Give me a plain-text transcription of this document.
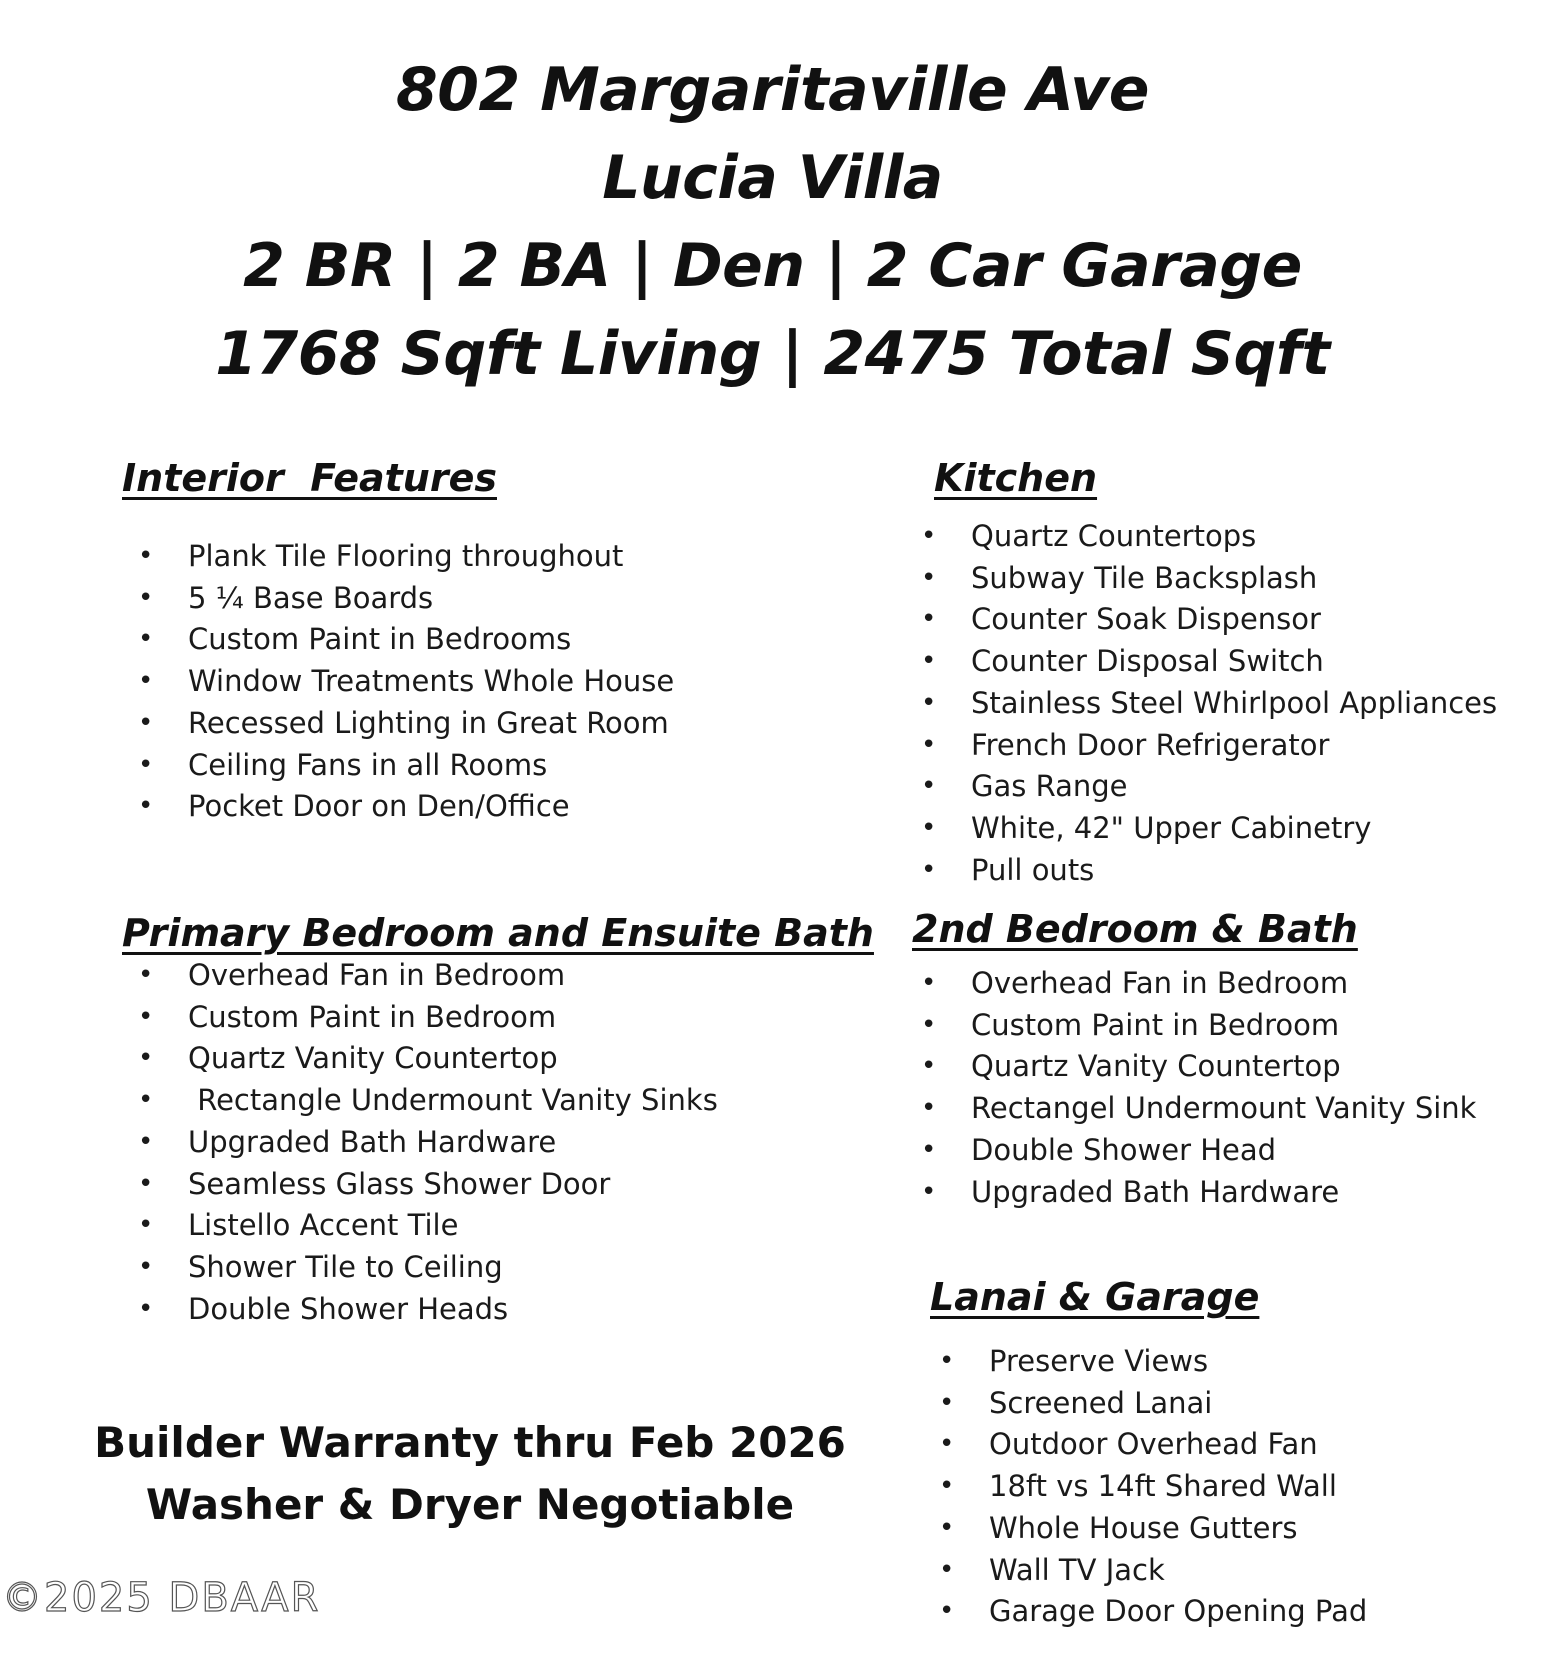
802 Margaritaville Ave
Lucia Villa
2 BR | 2 BA | Den | 2 Car Garage
1768 Sqft Living | 2475 Total Sqft
Interior  Features
•	Plank Tile Flooring throughout
•	5 ¼ Base Boards
•	Custom Paint in Bedrooms
•	Window Treatments Whole House
•	Recessed Lighting in Great Room
•	Ceiling Fans in all Rooms
•	Pocket Door on Den/Office
Kitchen
•	Quartz Countertops
•	Subway Tile Backsplash
•	Counter Soak Dispensor
•	Counter Disposal Switch
•	Stainless Steel Whirlpool Appliances
•	French Door Refrigerator
•	Gas Range
•	White, 42" Upper Cabinetry
•	Pull outs
Primary Bedroom and Ensuite Bath
•	Overhead Fan in Bedroom
•	Custom Paint in Bedroom
•	Quartz Vanity Countertop
•	Rectangle Undermount Vanity Sinks
•	Upgraded Bath Hardware
•	Seamless Glass Shower Door
•	Listello Accent Tile
•	Shower Tile to Ceiling
•	Double Shower Heads
2nd Bedroom & Bath
•	Overhead Fan in Bedroom
•	Custom Paint in Bedroom
•	Quartz Vanity Countertop
•	Rectangel Undermount Vanity Sink
•	Double Shower Head
•	Upgraded Bath Hardware
Lanai & Garage
•	Preserve Views
•	Screened Lanai
•	Outdoor Overhead Fan
•	18ft vs 14ft Shared Wall
•	Whole House Gutters
•	Wall TV Jack
•	Garage Door Opening Pad
Builder Warranty thru Feb 2026
Washer & Dryer Negotiable
©2025 DBAAR
